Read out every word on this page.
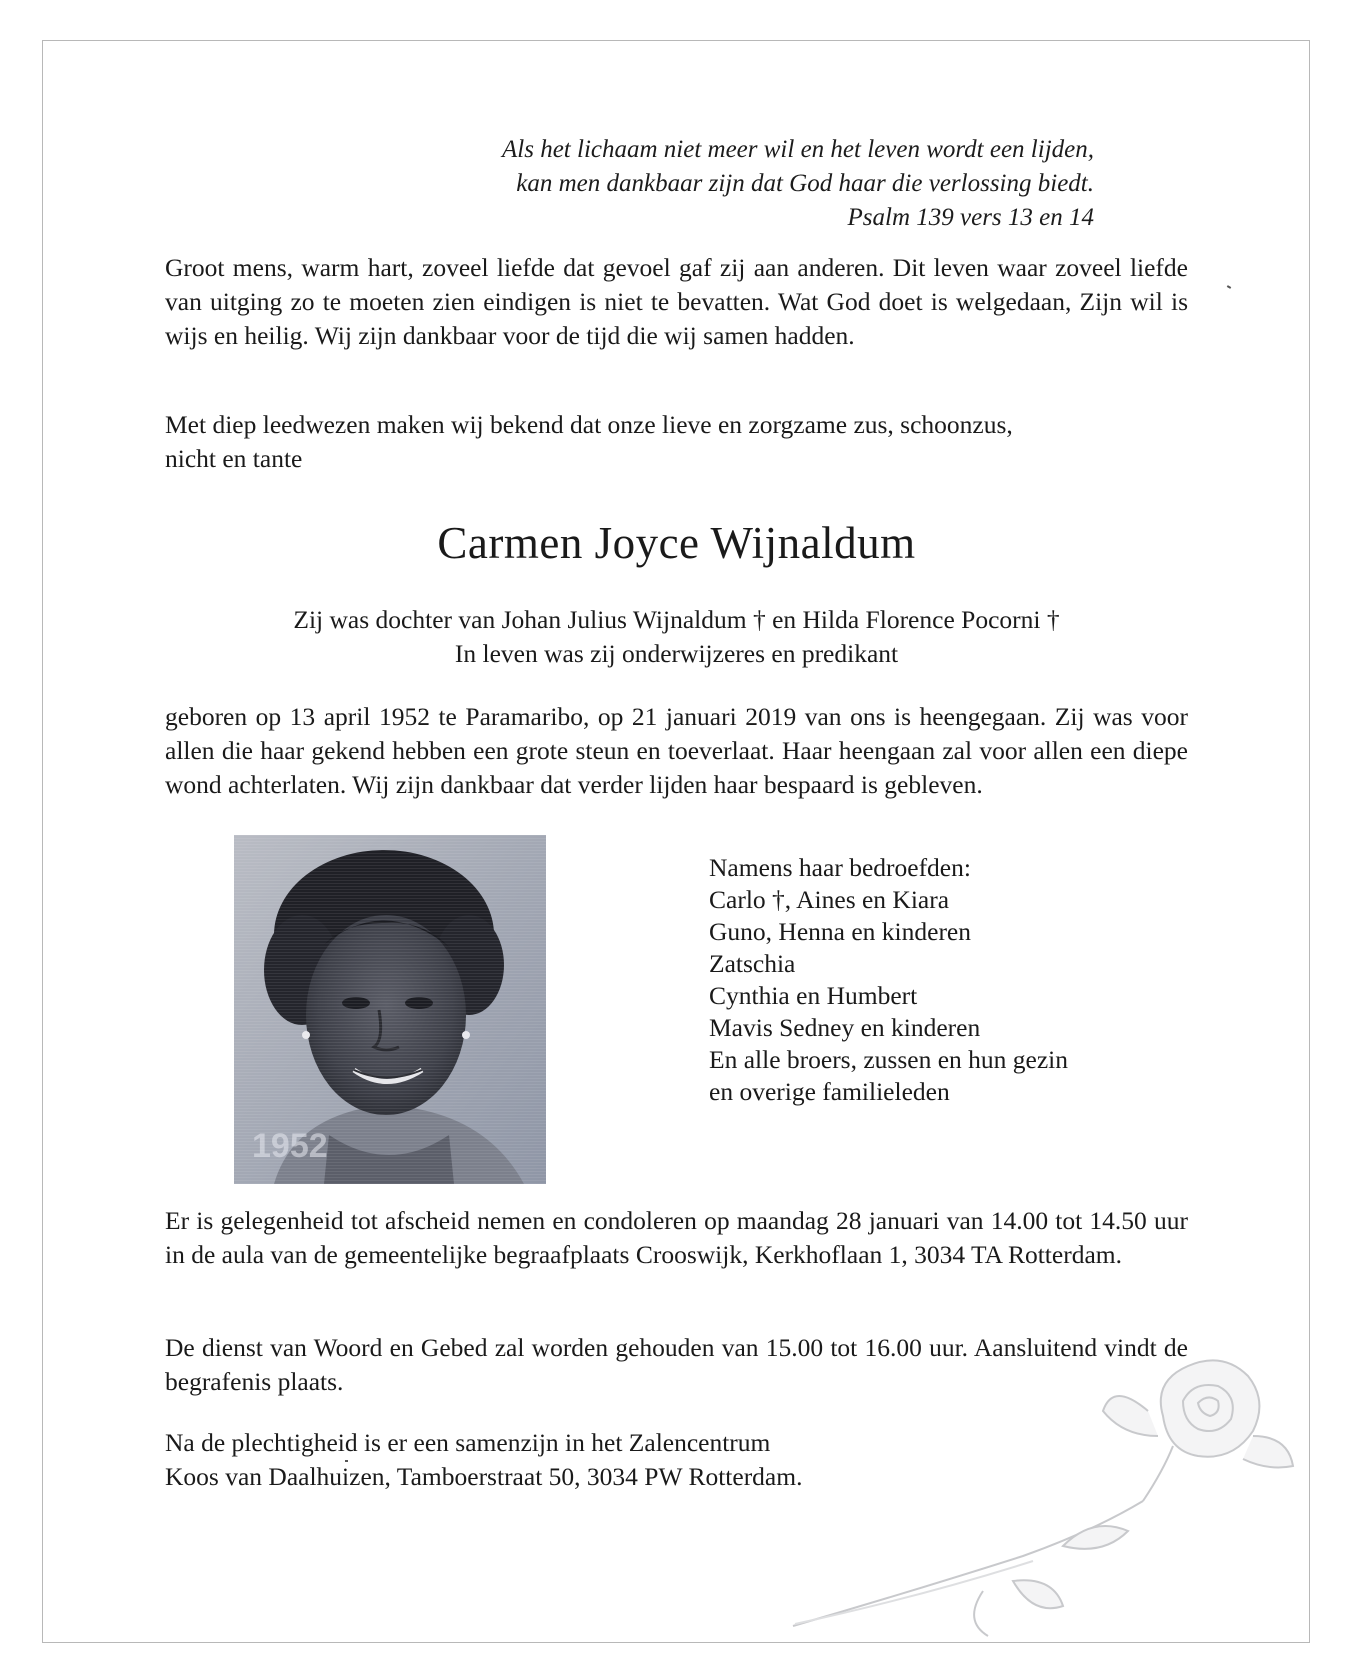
Als het lichaam niet meer wil en het leven wordt een lijden,
kan men dankbaar zijn dat God haar die verlossing biedt.
Psalm 139 vers 13 en 14

Groot mens, warm hart, zoveel liefde dat gevoel gaf zij aan anderen. Dit leven waar zoveel liefde van uitging zo te moeten zien eindigen is niet te bevatten. Wat God doet is welgedaan, Zijn wil is wijs en heilig. Wij zijn dankbaar voor de tijd die wij samen hadden.

Met diep leedwezen maken wij bekend dat onze lieve en zorgzame zus, schoonzus,
nicht en tante
Carmen Joyce Wijnaldum
Zij was dochter van Johan Julius Wijnaldum † en Hilda Florence Pocorni †
In leven was zij onderwijzeres en predikant

geboren op 13 april 1952 te Paramaribo, op 21 januari 2019 van ons is heengegaan. Zij was voor allen die haar gekend hebben een grote steun en toeverlaat. Haar heengaan zal voor allen een diepe wond achterlaten. Wij zijn dankbaar dat verder lijden haar bespaard is gebleven.

Namens haar bedroefden:
Carlo †, Aines en Kiara
Guno, Henna en kinderen
Zatschia
Cynthia en Humbert
Mavis Sedney en kinderen
En alle broers, zussen en hun gezin
en overige familieleden

Er is gelegenheid tot afscheid nemen en condoleren op maandag 28 januari van 14.00 tot 14.50 uur in de aula van de gemeentelijke begraafplaats Crooswijk, Kerkhoflaan 1, 3034 TA Rotterdam.

De dienst van Woord en Gebed zal worden gehouden van 15.00 tot 16.00 uur. Aansluitend vindt de begrafenis plaats.

Na de plechtigheid is er een samenzijn in het Zalencentrum
Koos van Daalhuizen, Tamboerstraat 50, 3034 PW Rotterdam.
